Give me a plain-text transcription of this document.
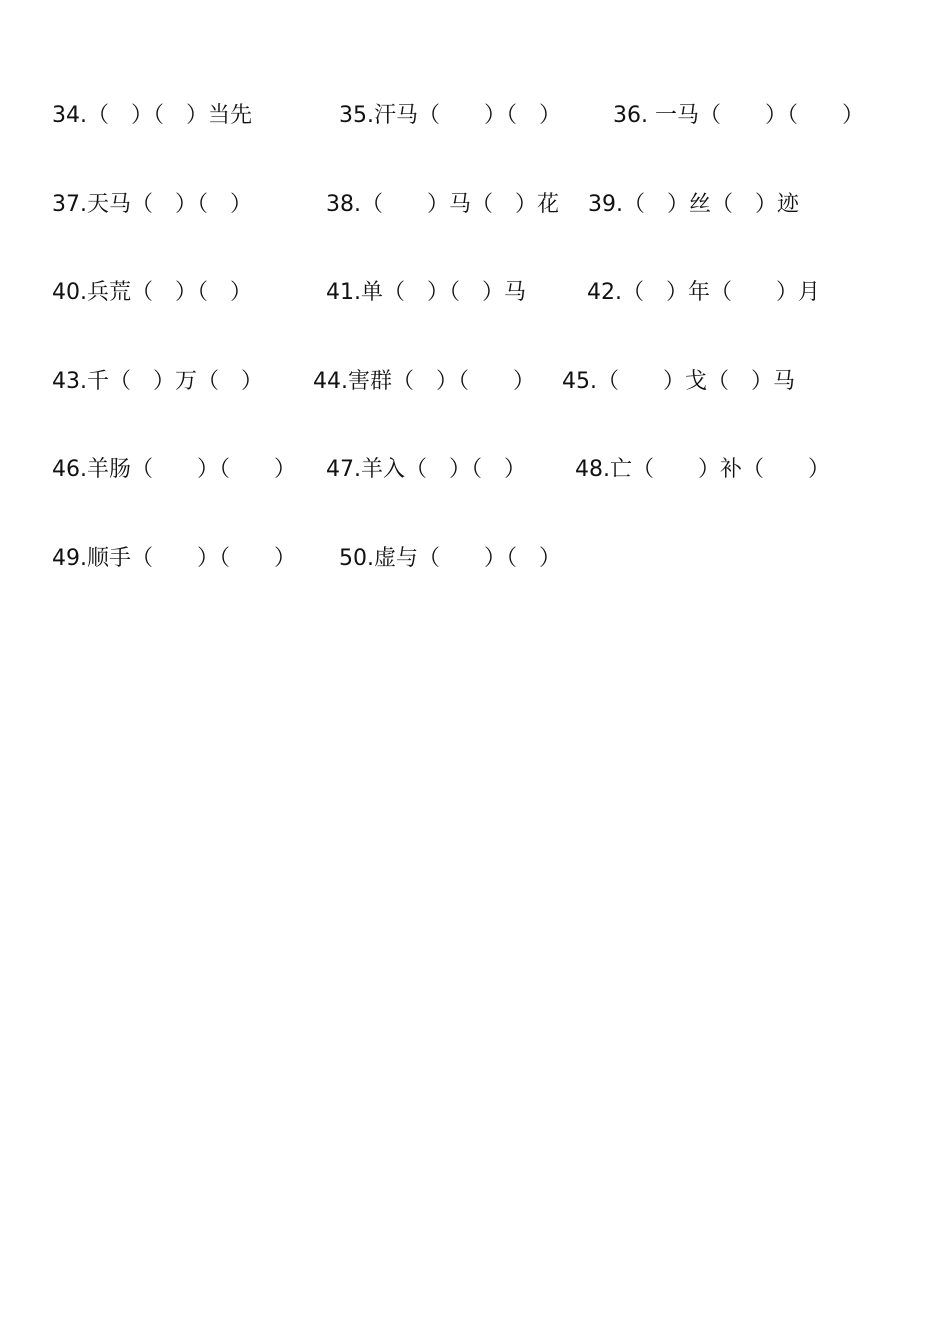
34.（　）（　）当先	35.汗马（　　）（　） 36. 一马（　　）（　　）
37.天马（　）（　）	38.（　　）马（　）花 39.（　）丝（　）迹
40.兵荒（　）（　）	41.单（　）（　）马	42.（　）年（　　）月
43.千（　）万（　） 44.害群（　）（　　） 45.（　　）戈（　）马
46.羊肠（　　）（　　） 47.羊入（　）（　） 48.亡（　　）补（　　）
49.顺手（　　）（　　） 50.虚与（　　）（　）
